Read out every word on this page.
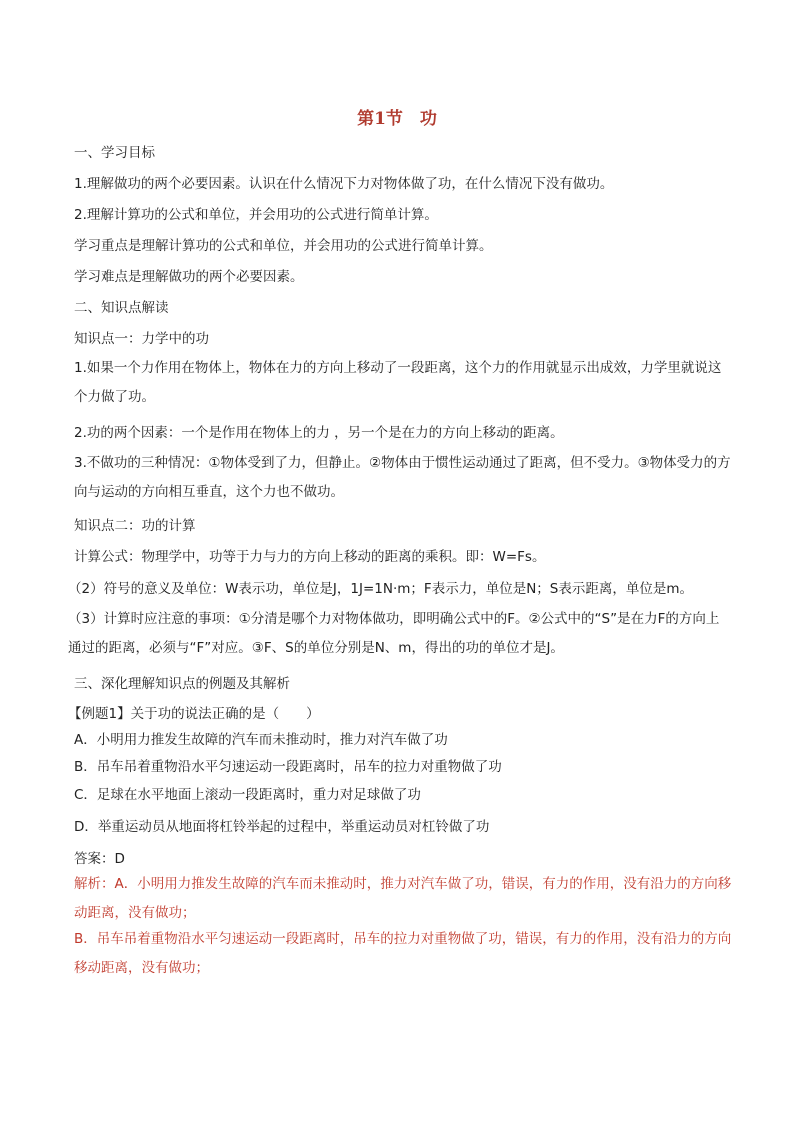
第1节　功
一、学习目标
1.理解做功的两个必要因素。认识在什么情况下力对物体做了功，在什么情况下没有做功。
2.理解计算功的公式和单位，并会用功的公式进行简单计算。
学习重点是理解计算功的公式和单位，并会用功的公式进行简单计算。
学习难点是理解做功的两个必要因素。
二、知识点解读
知识点一：力学中的功
1.如果一个力作用在物体上，物体在力的方向上移动了一段距离，这个力的作用就显示出成效，力学里就说这个力做了功。
2.功的两个因素：一个是作用在物体上的力 ，另一个是在力的方向上移动的距离。
3.不做功的三种情况：①物体受到了力，但静止。②物体由于惯性运动通过了距离，但不受力。③物体受力的方向与运动的方向相互垂直，这个力也不做功。
知识点二：功的计算
计算公式：物理学中，功等于力与力的方向上移动的距离的乘积。即：W=Fs。
（2）符号的意义及单位：W表示功，单位是J，1J=1N·m；F表示力，单位是N；S表示距离，单位是m。
（3）计算时应注意的事项：①分清是哪个力对物体做功，即明确公式中的F。②公式中的“S”是在力F的方向上通过的距离，必须与“F”对应。③F、S的单位分别是N、m，得出的功的单位才是J。
三、深化理解知识点的例题及其解析
【例题1】关于功的说法正确的是（　　）
A．小明用力推发生故障的汽车而未推动时，推力对汽车做了功
B．吊车吊着重物沿水平匀速运动一段距离时，吊车的拉力对重物做了功
C．足球在水平地面上滚动一段距离时，重力对足球做了功
D．举重运动员从地面将杠铃举起的过程中，举重运动员对杠铃做了功
答案：D
解析：A．小明用力推发生故障的汽车而未推动时，推力对汽车做了功，错误，有力的作用，没有沿力的方向移动距离，没有做功；
B．吊车吊着重物沿水平匀速运动一段距离时，吊车的拉力对重物做了功，错误，有力的作用，没有沿力的方向移动距离，没有做功；
